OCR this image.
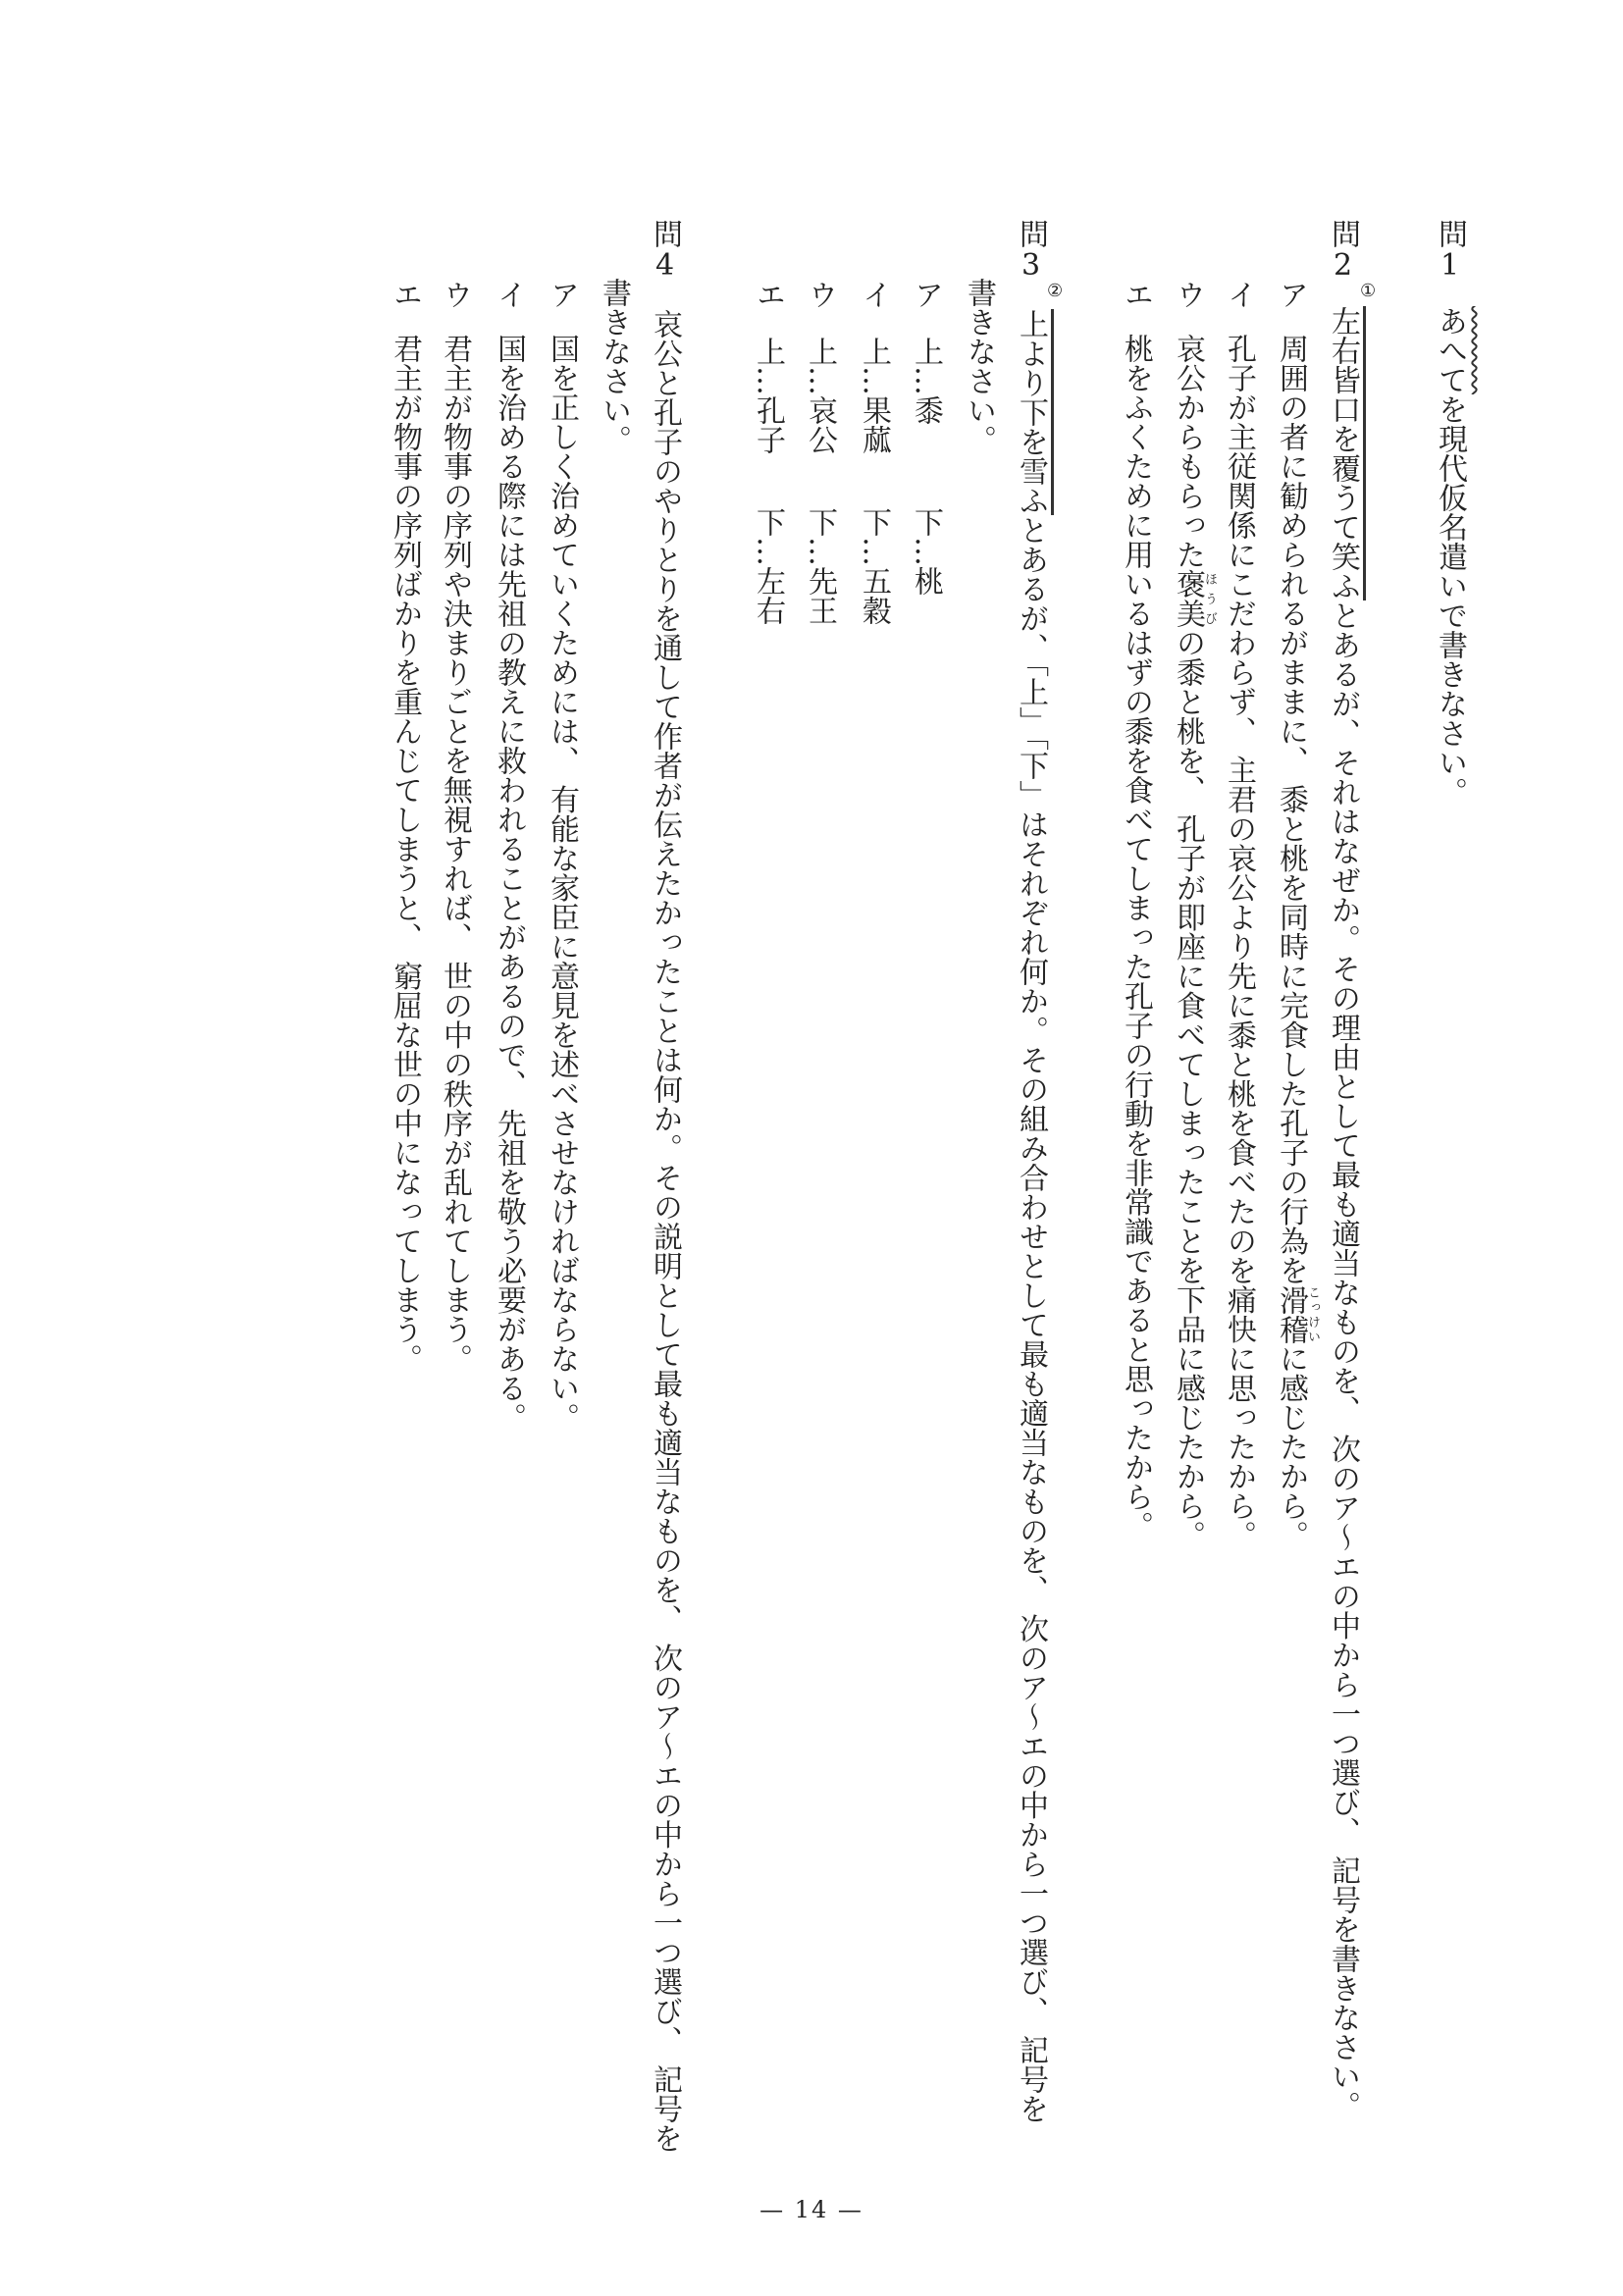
問1
あへてを現代仮名遣いで書きなさい。
問2
①
左右皆口を覆うて笑ふとあるが、それはなぜか。その理由として最も適当なものを、 次のア～エの中から一つ選び、 記号を書きなさい。
ア
周囲の者に勧められるがままに、 黍と桃を同時に完食した孔子の行為を滑稽こっけいに感じたから。
イ
孔子が主従関係にこだわらず、 主君の哀公より先に黍と桃を食べたのを痛快に思ったから。
ウ
哀公からもらった褒美ほうびの黍と桃を、 孔子が即座に食べてしまったことを下品に感じたから。
エ
桃をふくために用いるはずの黍を食べてしまった孔子の行動を非常識であると思ったから。
問3
②
上より下を雪ふとあるが、「上」「下」はそれぞれ何か。その組み合わせとして最も適当なものを、 次のア～エの中から一つ選び、 記号を
書きなさい。
ア
上…黍
下…桃
イ
上…果蓏
下…五穀
ウ
上…哀公
下…先王
エ
上…孔子
下…左右
問4
哀公と孔子のやりとりを通して作者が伝えたかったことは何か。その説明として最も適当なものを、 次のア～エの中から一つ選び、 記号を
書きなさい。
ア
国を正しく治めていくためには、 有能な家臣に意見を述べさせなければならない。
イ
国を治める際には先祖の教えに救われることがあるので、 先祖を敬う必要がある。
ウ
君主が物事の序列や決まりごとを無視すれば、 世の中の秩序が乱れてしまう。
エ
君主が物事の序列ばかりを重んじてしまうと、 窮屈な世の中になってしまう。
— 14 —
